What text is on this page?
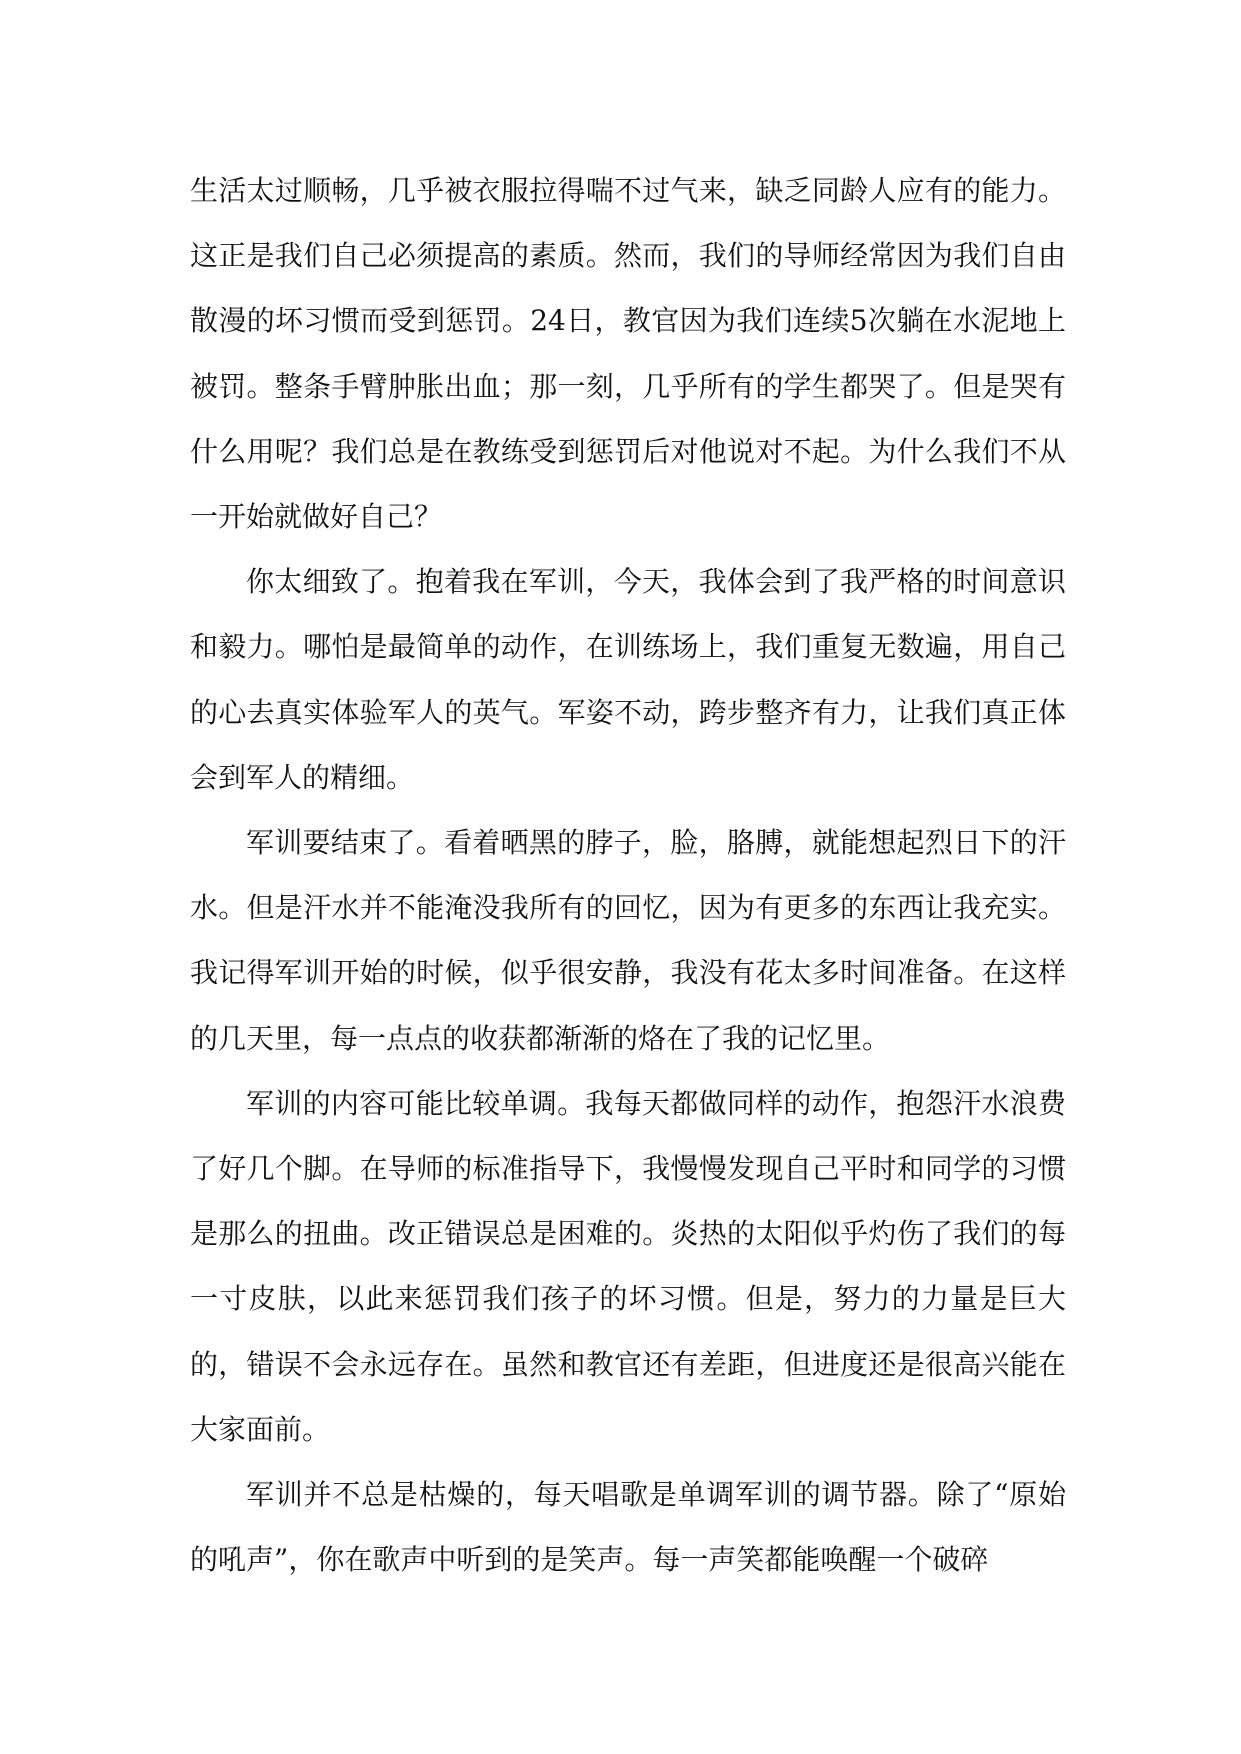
生活太过顺畅，几乎被衣服拉得喘不过气来，缺乏同龄人应有的能力。这正是我们自己必须提高的素质。然而，我们的导师经常因为我们自由散漫的坏习惯而受到惩罚。24日，教官因为我们连续5次躺在水泥地上被罚。整条手臂肿胀出血；那一刻，几乎所有的学生都哭了。但是哭有什么用呢？我们总是在教练受到惩罚后对他说对不起。为什么我们不从一开始就做好自己？

你太细致了。抱着我在军训，今天，我体会到了我严格的时间意识和毅力。哪怕是最简单的动作，在训练场上，我们重复无数遍，用自己的心去真实体验军人的英气。军姿不动，跨步整齐有力，让我们真正体会到军人的精细。

军训要结束了。看着晒黑的脖子，脸，胳膊，就能想起烈日下的汗水。但是汗水并不能淹没我所有的回忆，因为有更多的东西让我充实。我记得军训开始的时候，似乎很安静，我没有花太多时间准备。在这样的几天里，每一点点的收获都渐渐的烙在了我的记忆里。

军训的内容可能比较单调。我每天都做同样的动作，抱怨汗水浪费了好几个脚。在导师的标准指导下，我慢慢发现自己平时和同学的习惯是那么的扭曲。改正错误总是困难的。炎热的太阳似乎灼伤了我们的每一寸皮肤，以此来惩罚我们孩子的坏习惯。但是，努力的力量是巨大的，错误不会永远存在。虽然和教官还有差距，但进度还是很高兴能在大家面前。

军训并不总是枯燥的，每天唱歌是单调军训的调节器。除了“原始的吼声”，你在歌声中听到的是笑声。每一声笑都能唤醒一个破碎
